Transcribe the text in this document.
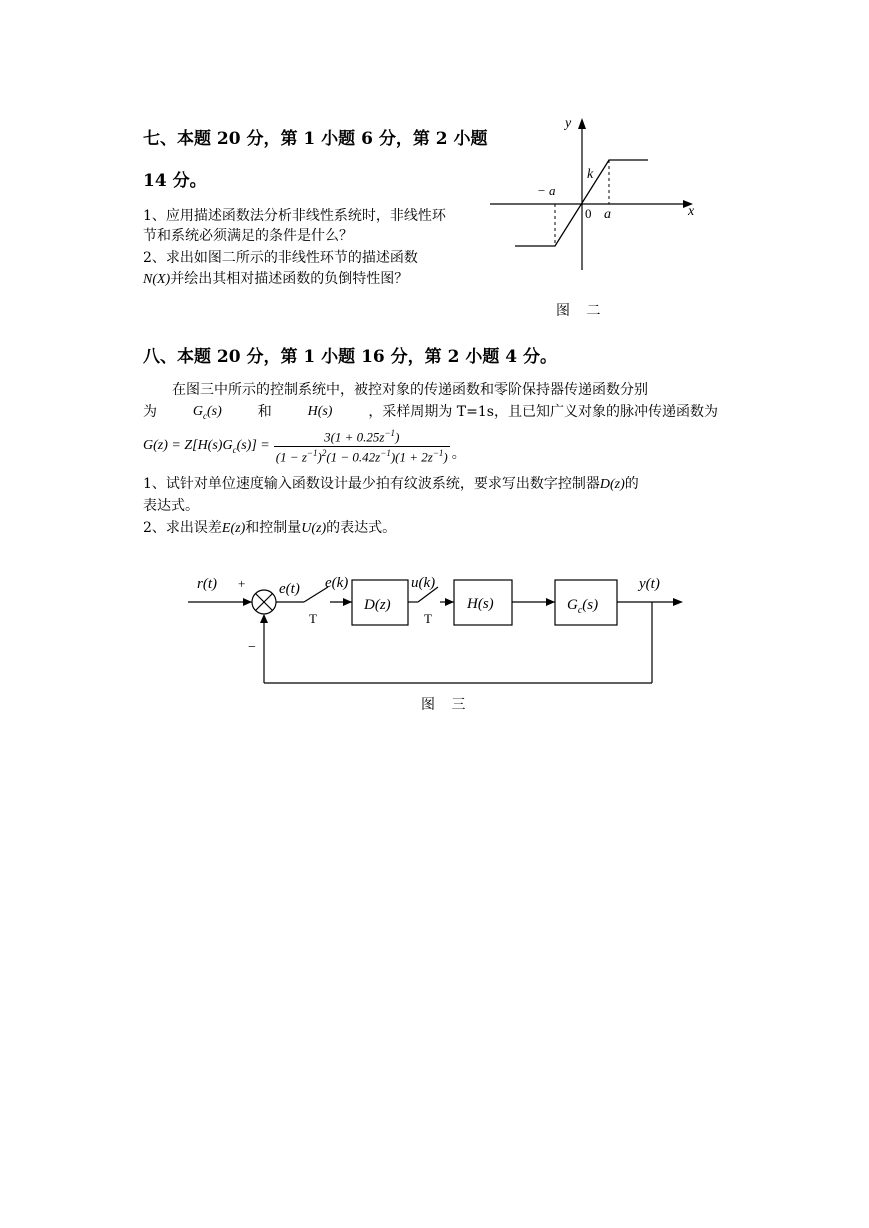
七、本题 20 分，第 1 小题 6 分，第 2 小题
14 分。
1、应用描述函数法分析非线性系统时，非线性环
节和系统必须满足的条件是什么？
2、求出如图二所示的非线性环节的描述函数
N(X)并绘出其相对描述函数的负倒特性图？
y
x
k
− a
0 a
图 二
八、本题 20 分，第 1 小题 16 分，第 2 小题 4 分。
在图三中所示的控制系统中，被控对象的传递函数和零阶保持器传递函数分别
为	$G_c(s)$	和	H(s)	，采样周期为 T=1s，且已知广义对象的脉冲传递函数为
$G(z) = Z[H(s)G_c(s)] = \frac{3(1 + 0.25z^{-1})}{(1 - z^{-1})^2(1 - 0.42z^{-1})(1 + 2z^{-1})}$ 。
1、试针对单位速度输入函数设计最少拍有纹波系统，要求写出数字控制器D(z)的
表达式。
2、求出误差E(z)和控制量U(z)的表达式。
r(t) +
−
e(t) e(k)	u(k)
T	T
D(z)	H(s)	$G_c(s)$
y(t)
图 三
